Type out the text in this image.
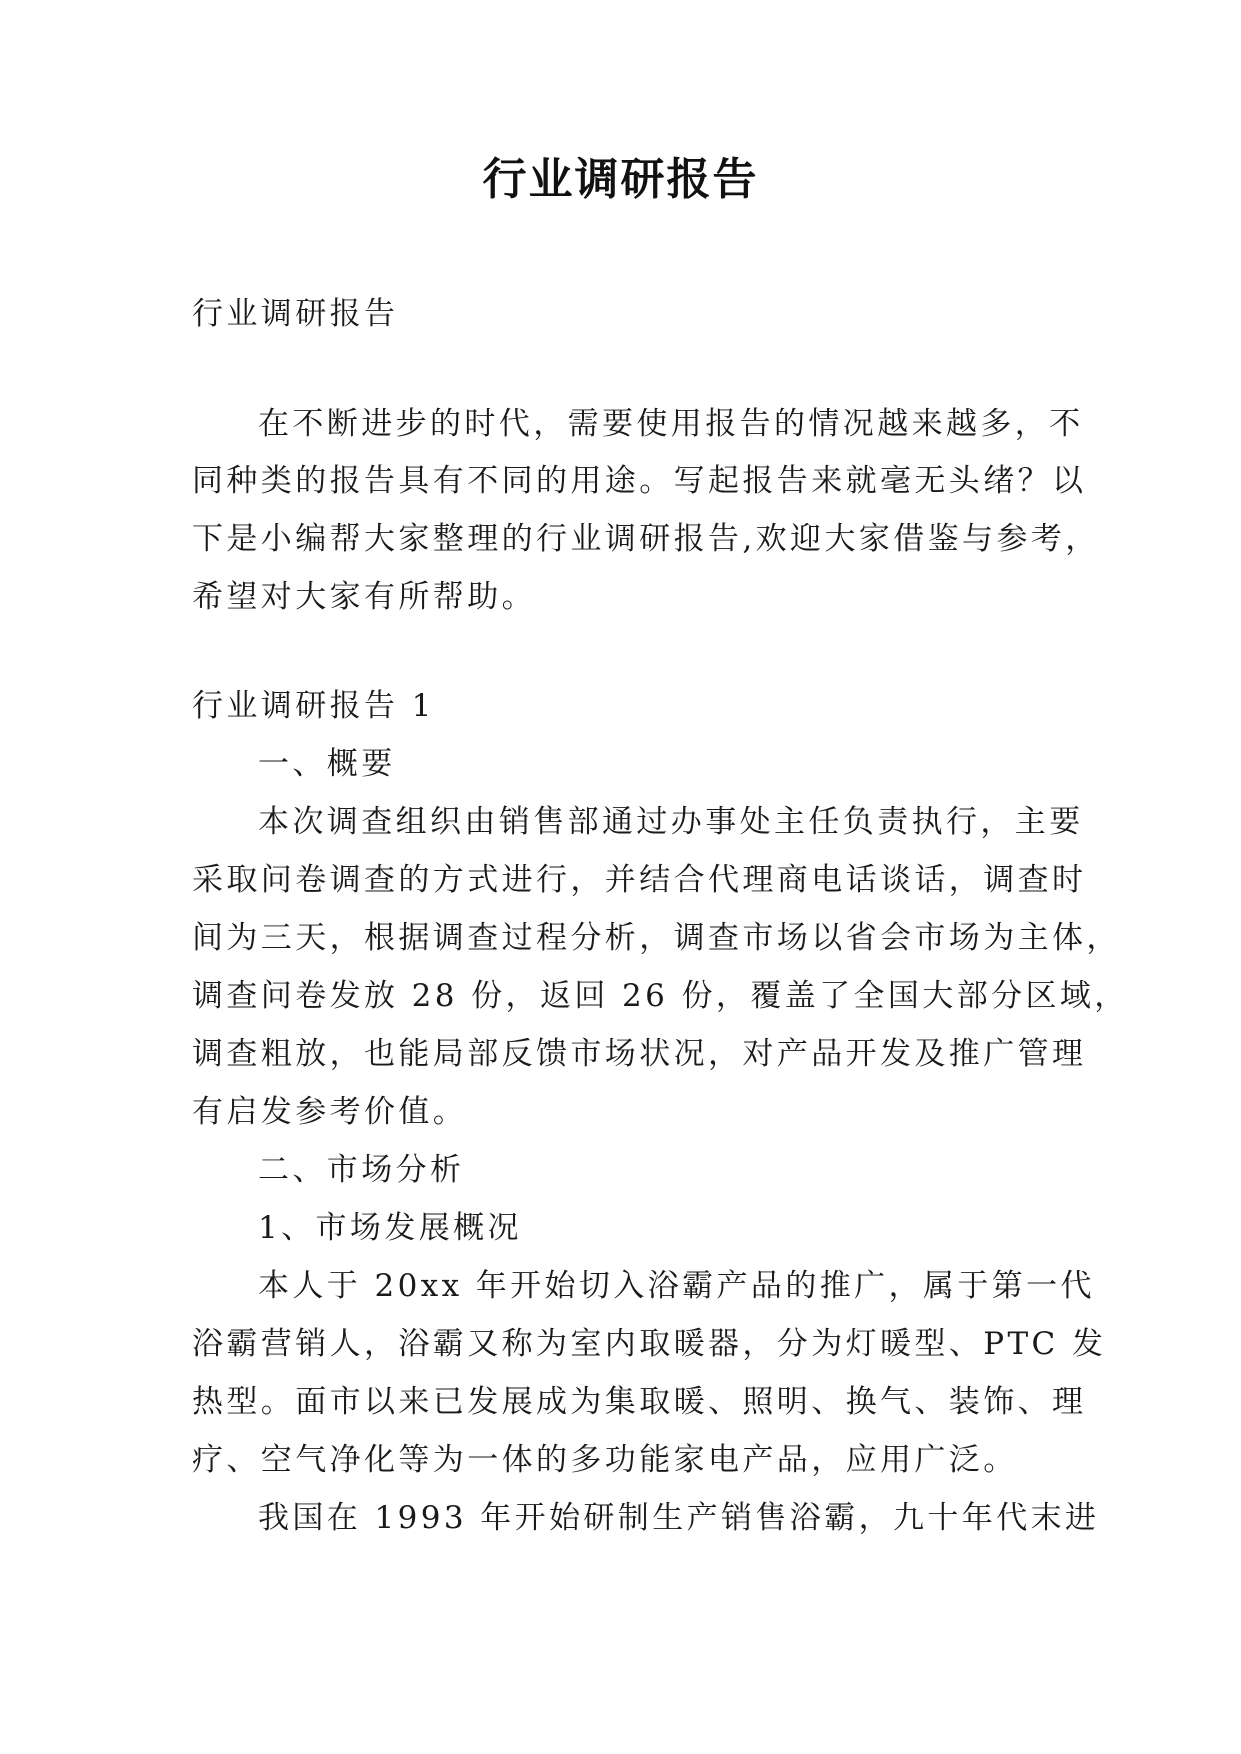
行业调研报告
行业调研报告
在不断进步的时代，需要使用报告的情况越来越多，不
同种类的报告具有不同的用途。写起报告来就毫无头绪？以
下是小编帮大家整理的行业调研报告,欢迎大家借鉴与参考，
希望对大家有所帮助。
行业调研报告 1
一、概要
本次调查组织由销售部通过办事处主任负责执行，主要
采取问卷调查的方式进行，并结合代理商电话谈话，调查时
间为三天，根据调查过程分析，调查市场以省会市场为主体，
调查问卷发放 28 份，返回 26 份，覆盖了全国大部分区域，
调查粗放，也能局部反馈市场状况，对产品开发及推广管理
有启发参考价值。
二、市场分析
1、市场发展概况
本人于 20xx 年开始切入浴霸产品的推广，属于第一代
浴霸营销人，浴霸又称为室内取暖器，分为灯暖型、PTC 发
热型。面市以来已发展成为集取暖、照明、换气、装饰、理
疗、空气净化等为一体的多功能家电产品，应用广泛。
我国在 1993 年开始研制生产销售浴霸，九十年代末进
